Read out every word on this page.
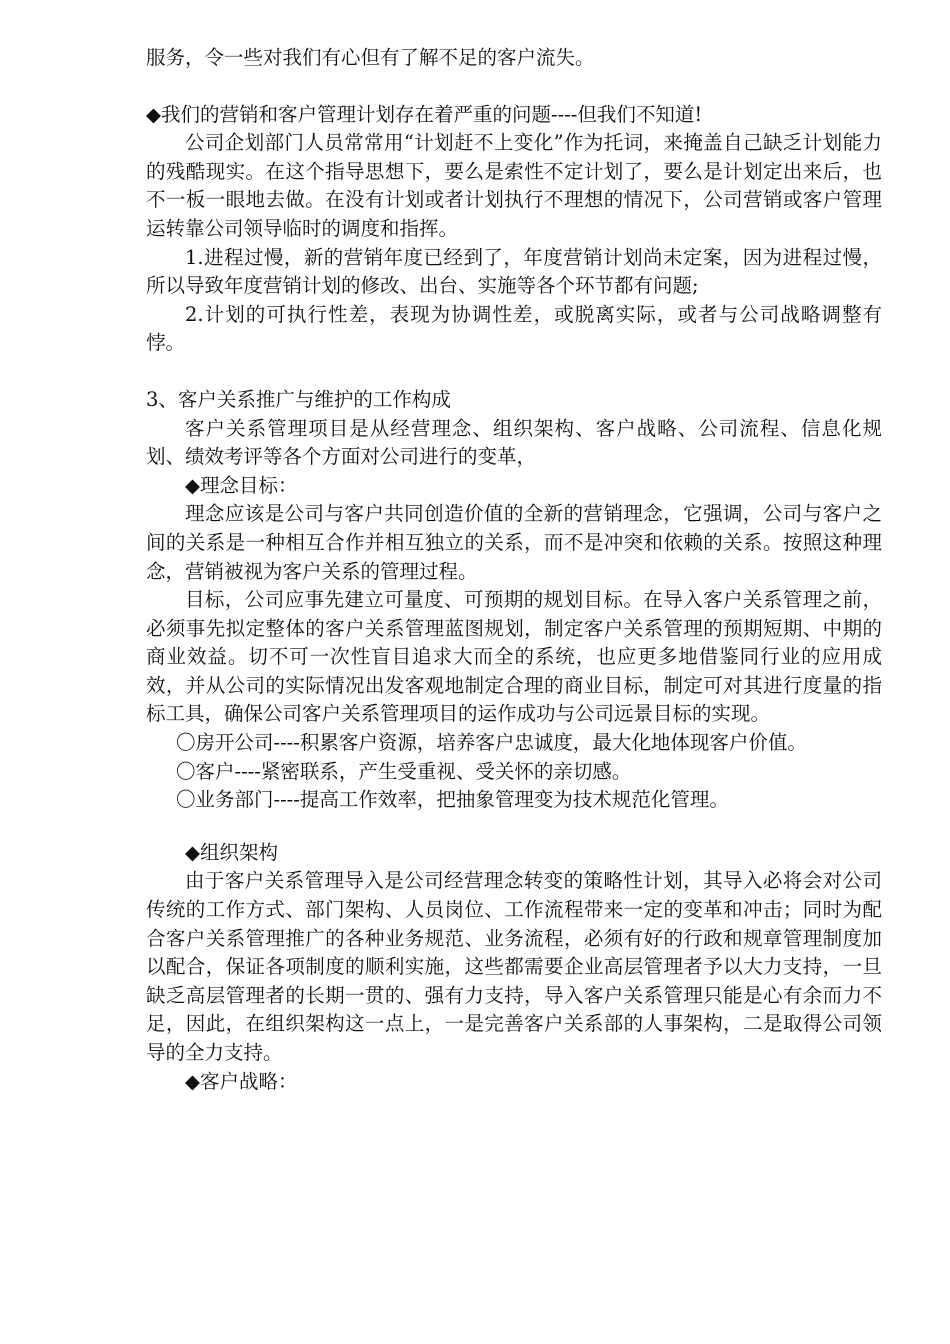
服务，令一些对我们有心但有了解不足的客户流失。

◆我们的营销和客户管理计划存在着严重的问题----但我们不知道!

公司企划部门人员常常用“计划赶不上变化”作为托词，来掩盖自己缺乏计划能力的残酷现实。在这个指导思想下，要么是索性不定计划了，要么是计划定出来后，也不一板一眼地去做。在没有计划或者计划执行不理想的情况下，公司营销或客户管理运转靠公司领导临时的调度和指挥。

1.进程过慢，新的营销年度已经到了，年度营销计划尚未定案，因为进程过慢，所以导致年度营销计划的修改、出台、实施等各个环节都有问题;

2.计划的可执行性差，表现为协调性差，或脱离实际，或者与公司战略调整有悖。

3、客户关系推广与维护的工作构成

客户关系管理项目是从经营理念、组织架构、客户战略、公司流程、信息化规划、绩效考评等各个方面对公司进行的变革，

◆理念目标：

理念应该是公司与客户共同创造价值的全新的营销理念，它强调，公司与客户之间的关系是一种相互合作并相互独立的关系，而不是冲突和依赖的关系。按照这种理念，营销被视为客户关系的管理过程。

目标，公司应事先建立可量度、可预期的规划目标。在导入客户关系管理之前，必须事先拟定整体的客户关系管理蓝图规划，制定客户关系管理的预期短期、中期的商业效益。切不可一次性盲目追求大而全的系统，也应更多地借鉴同行业的应用成效，并从公司的实际情况出发客观地制定合理的商业目标，制定可对其进行度量的指标工具，确保公司客户关系管理项目的运作成功与公司远景目标的实现。

〇房开公司----积累客户资源，培养客户忠诚度，最大化地体现客户价值。

〇客户----紧密联系，产生受重视、受关怀的亲切感。

〇业务部门----提高工作效率，把抽象管理变为技术规范化管理。

◆组织架构

由于客户关系管理导入是公司经营理念转变的策略性计划，其导入必将会对公司传统的工作方式、部门架构、人员岗位、工作流程带来一定的变革和冲击；同时为配合客户关系管理推广的各种业务规范、业务流程，必须有好的行政和规章管理制度加以配合，保证各项制度的顺利实施，这些都需要企业高层管理者予以大力支持，一旦缺乏高层管理者的长期一贯的、强有力支持，导入客户关系管理只能是心有余而力不足，因此，在组织架构这一点上，一是完善客户关系部的人事架构，二是取得公司领导的全力支持。

◆客户战略：
